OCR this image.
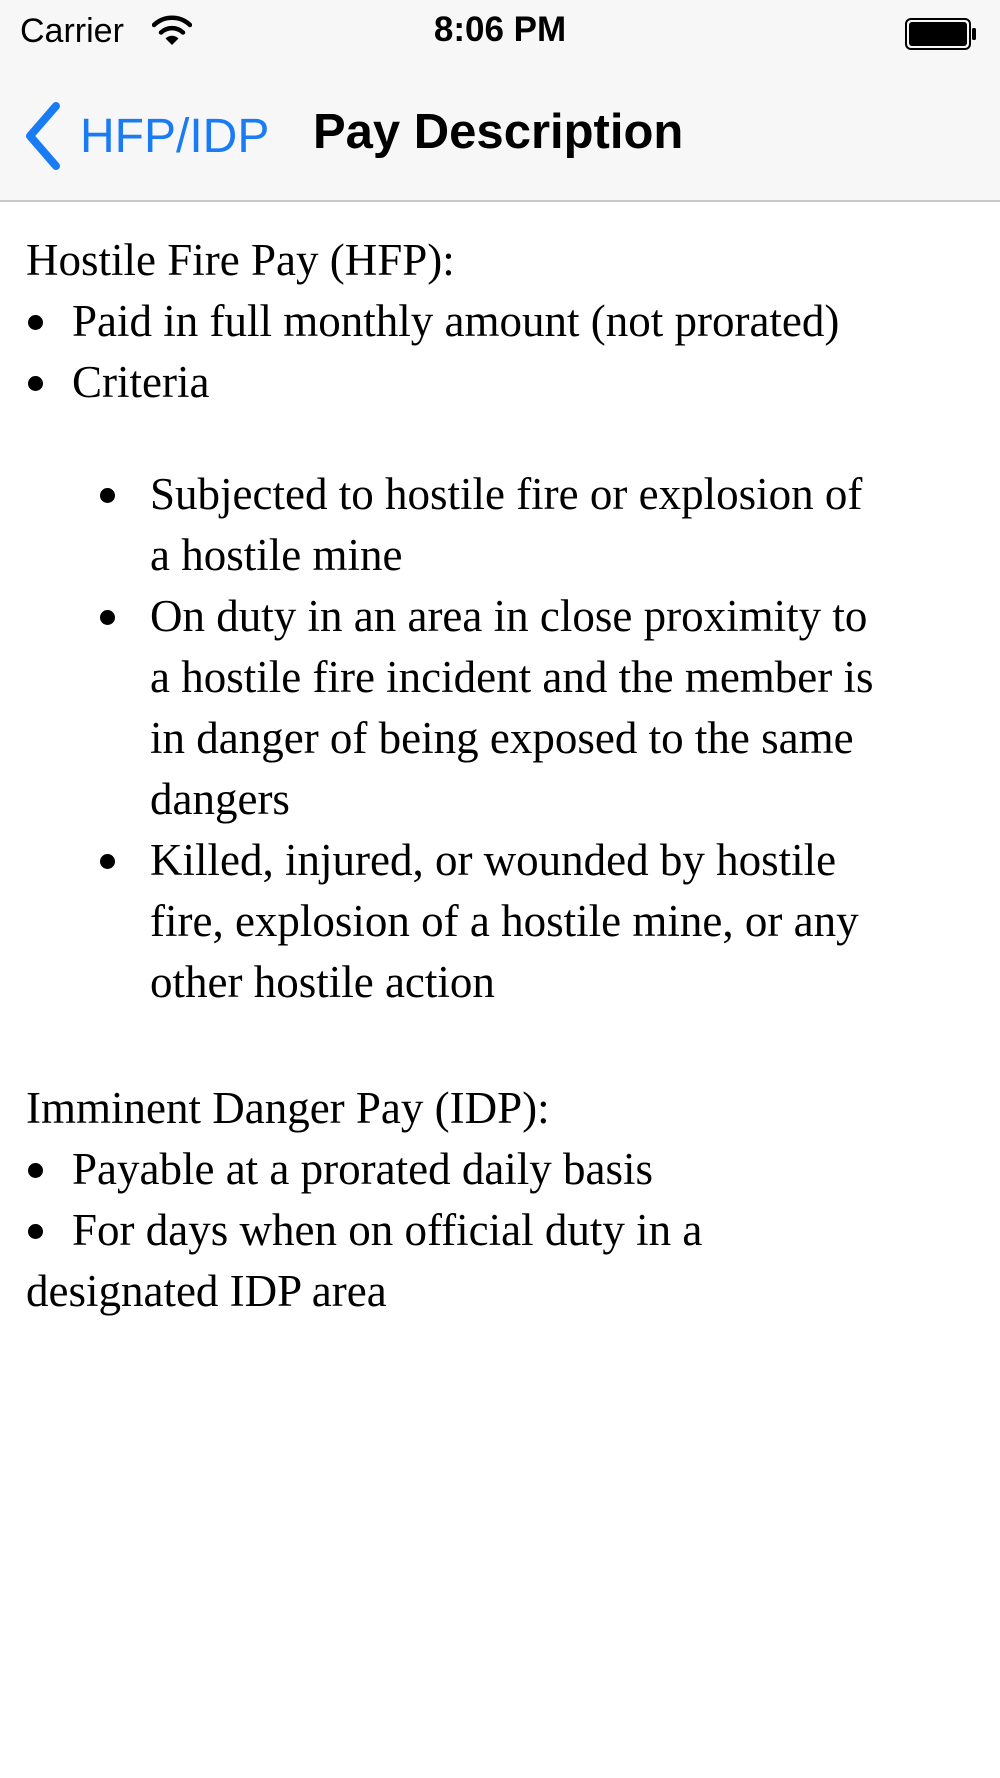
Carrier	8:06 PM
HFP/IDP Pay Description
Hostile Fire Pay (HFP):
Paid in full monthly amount (not prorated)
Criteria
Subjected to hostile fire or explosion of
a hostile mine
On duty in an area in close proximity to
a hostile fire incident and the member is
in danger of being exposed to the same
dangers
Killed, injured, or wounded by hostile
fire, explosion of a hostile mine, or any
other hostile action
Imminent Danger Pay (IDP):
Payable at a prorated daily basis
For days when on official duty in a
designated IDP area
